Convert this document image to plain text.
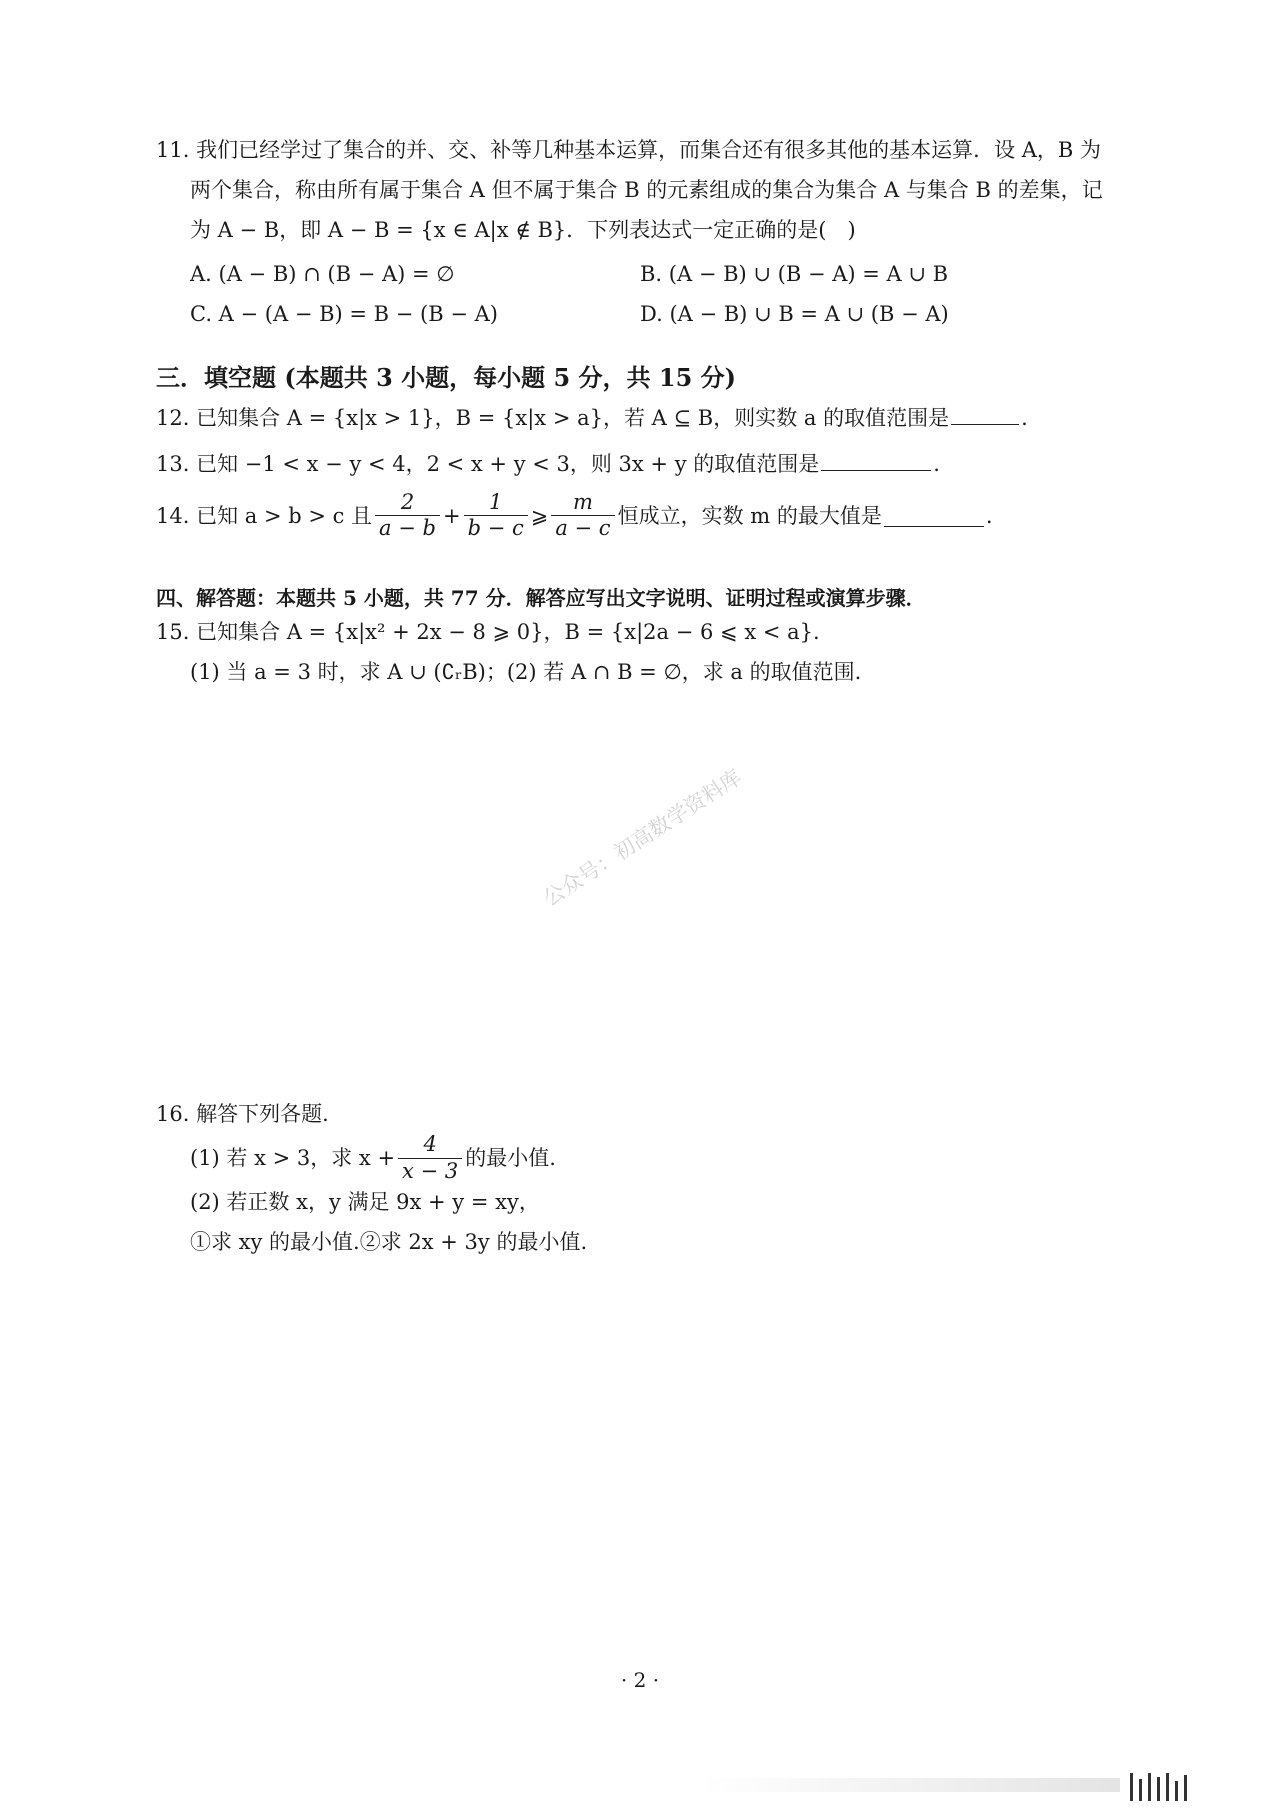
11. 我们已经学过了集合的并、交、补等几种基本运算，而集合还有很多其他的基本运算．设 A，B 为
两个集合，称由所有属于集合 A 但不属于集合 B 的元素组成的集合为集合 A 与集合 B 的差集，记
为 A − B，即 A − B = {x ∈ A|x ∉ B}．下列表达式一定正确的是(　)
A. (A − B) ∩ (B − A) = ∅	B. (A − B) ∪ (B − A) = A ∪ B
C. A − (A − B) = B − (B − A)	D. (A − B) ∪ B = A ∪ (B − A)
三．填空题 (本题共 3 小题，每小题 5 分，共 15 分)
12. 已知集合 A = {x|x > 1}，B = {x|x > a}，若 A ⊆ B，则实数 a 的取值范围是	.
13. 已知 −1 < x − y < 4，2 < x + y < 3，则 3x + y 的取值范围是	.
14. 已知 a > b > c 且 $\frac{2}{a - b} + \frac{1}{b - c}$ ⩾ $\frac{m}{a - c}$ 恒成立，实数 m 的最大值是	.
四、解答题：本题共 5 小题，共 77 分．解答应写出文字说明、证明过程或演算步骤．
15. 已知集合 A = {x|x² + 2x − 8 ⩾ 0}，B = {x|2a − 6 ⩽ x < a}.
(1) 当 a = 3 时，求 A ∪ (∁ᵣB)；(2) 若 A ∩ B = ∅，求 a 的取值范围.
公众号：初高数学资料库
16. 解答下列各题.
(1) 若 x > 3，求 $x + \frac{4}{x - 3}$ 的最小值.
(2) 若正数 x，y 满足 9x + y = xy，
①求 xy 的最小值.②求 2x + 3y 的最小值.
· 2 ·
